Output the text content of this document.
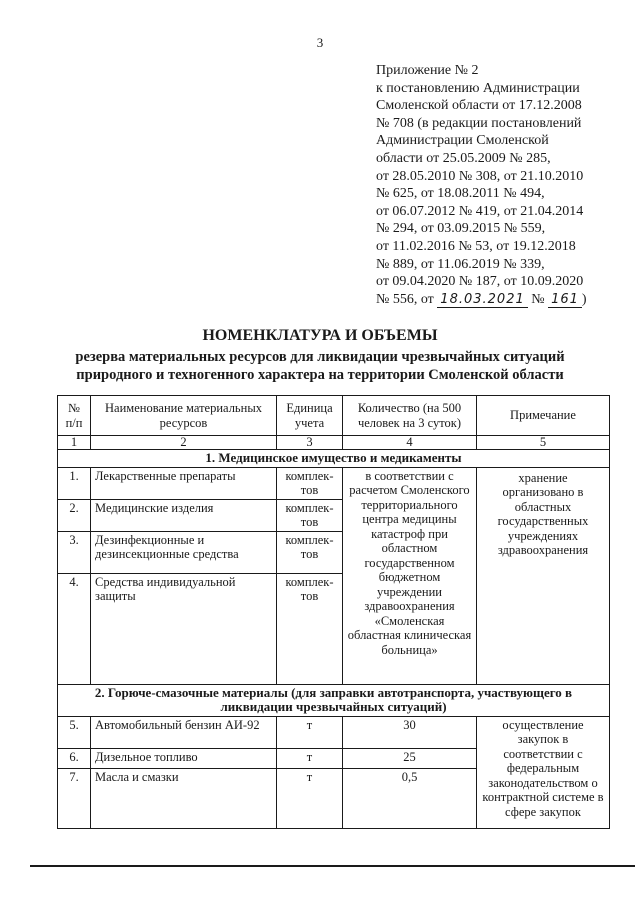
3
Приложение № 2
к постановлению Администрации
Смоленской области от 17.12.2008
№ 708 (в редакции постановлений
Администрации Смоленской
области от 25.05.2009 № 285,
от 28.05.2010 № 308, от 21.10.2010
№ 625, от 18.08.2011 № 494,
от 06.07.2012 № 419, от 21.04.2014
№ 294, от 03.09.2015 № 559,
от 11.02.2016 № 53, от 19.12.2018
№ 889, от 11.06.2019 № 339,
от 09.04.2020 № 187, от 10.09.2020
№ 556, от 18.03.2021 № 161 )
НОМЕНКЛАТУРА И ОБЪЕМЫ
резерва материальных ресурсов для ликвидации чрезвычайных ситуаций
природного и техногенного характера на территории Смоленской области
№ п/п	Наименование материальных ресурсов	Единица учета	Количество (на 500 человек на 3 суток)	Примечание
1	2	3	4	5
1. Медицинское имущество и медикаменты				
1.	Лекарственные препараты	комплек-тов	в соответствии с расчетом Смоленского территориального центра медицины катастроф при областном государственном бюджетном учреждении здравоохранения «Смоленская областная клиническая больница»	хранение организовано в областных государственных учреждениях здравоохранения
2.	Медицинские изделия	комплек-тов		
3.	Дезинфекционные и дезинсекционные средства	комплек-тов		
4.	Средства индивидуальной защиты	комплек-тов		
2. Горюче-смазочные материалы (для заправки автотранспорта, участвующего в ликвидации чрезвычайных ситуаций)				
5.	Автомобильный бензин АИ-92	т	30	осуществление закупок в соответствии с федеральным законодательством о контрактной системе в сфере закупок
6.	Дизельное топливо	т	25	
7.	Масла и смазки	т	0,5	
